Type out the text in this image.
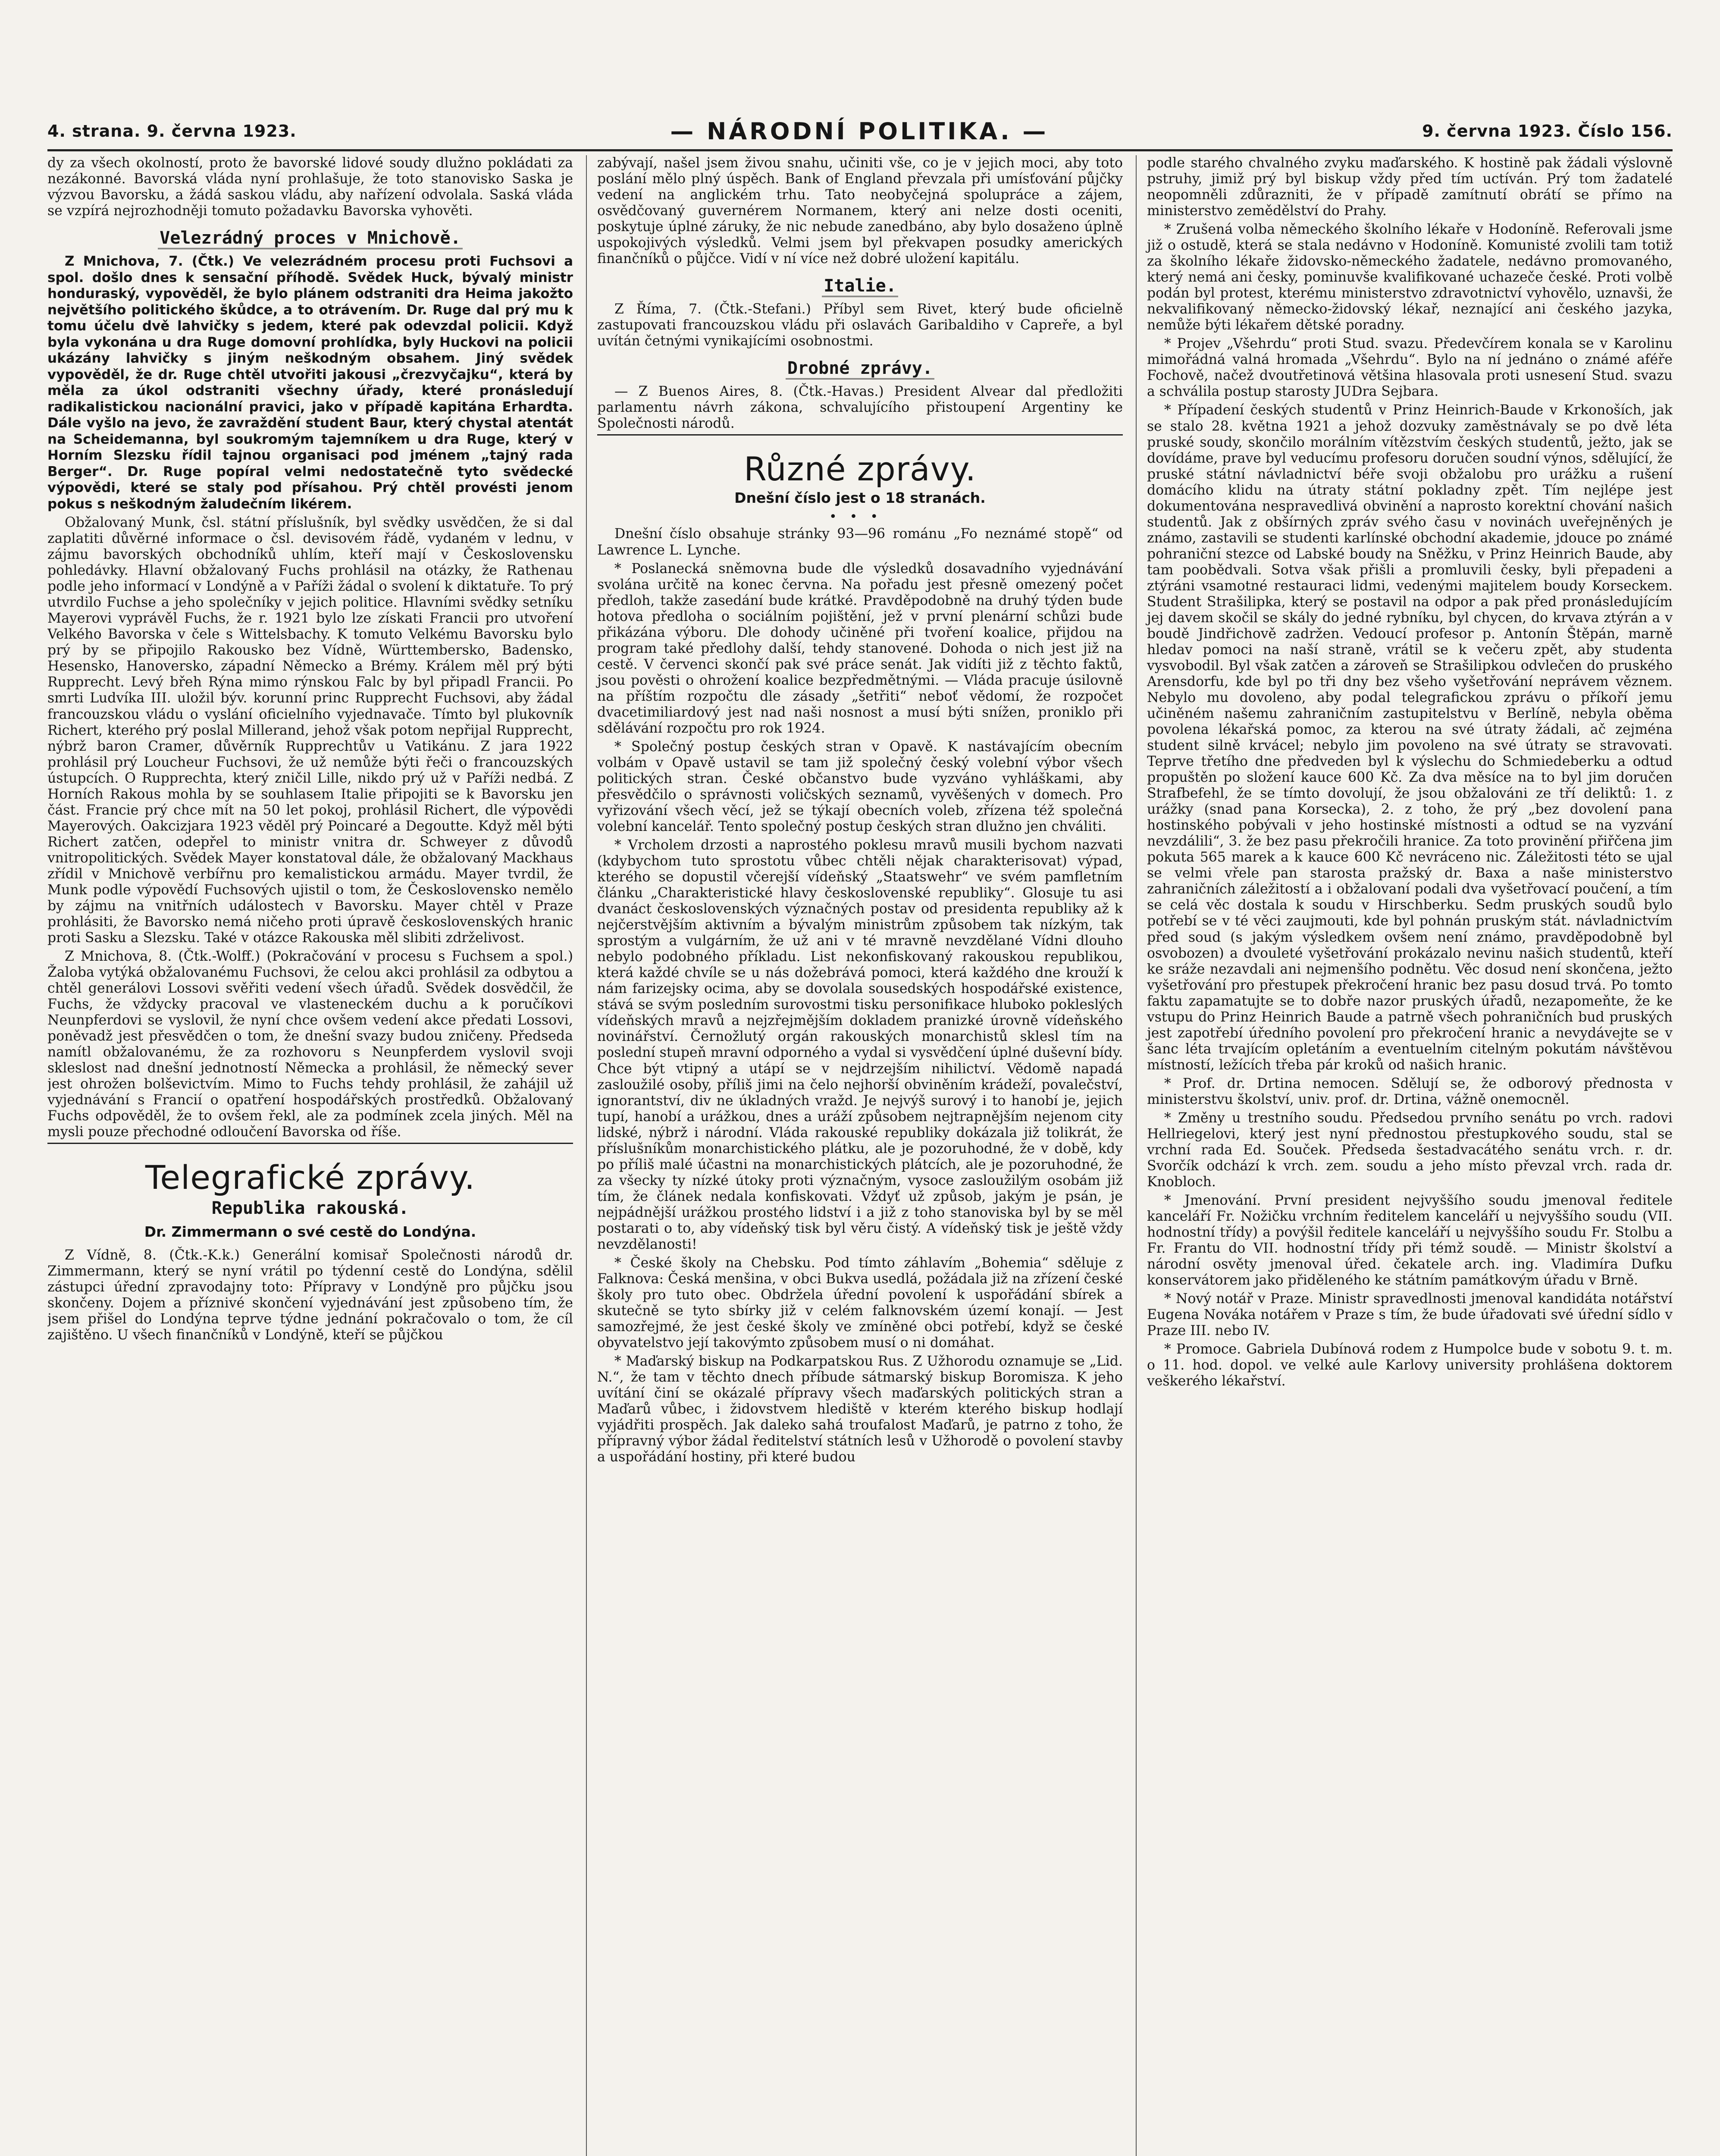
4. strana. 9. června 1923.	— NÁRODNÍ POLITIKA. —	9. června 1923. Číslo 156.

dy za všech okolností, proto že bavorské lidové soudy dlužno pokládati za nezákonné. Bavorská vláda nyní prohlašuje, že toto stanovisko Saska je výzvou Bavorsku, a žádá saskou vládu, aby nařízení odvolala. Saská vláda se vzpírá nejrozhodněji tomuto požadavku Bavorska vyhověti.

Velezrádný proces v Mnichově.

Z Mnichova, 7. (Čtk.) Ve velezrádném procesu proti Fuchsovi a spol. došlo dnes k sensační příhodě. Svědek Huck, bývalý ministr honduraský, vypověděl, že bylo plánem odstraniti dra Heima jakožto největšího politického škůdce, a to otrávením. Dr. Ruge dal prý mu k tomu účelu dvě lahvičky s jedem, které pak odevzdal policii. Když byla vykonána u dra Ruge domovní prohlídka, byly Huckovi na policii ukázány lahvičky s jiným neškodným obsahem. Jiný svědek vypověděl, že dr. Ruge chtěl utvořiti jakousi „črezvyčajku“, která by měla za úkol odstraniti všechny úřady, které pronásledují radikalistickou nacionální pravici, jako v případě kapitána Erhardta. Dále vyšlo na jevo, že zavraždění student Baur, který chystal atentát na Scheidemanna, byl soukromým tajemníkem u dra Ruge, který v Horním Slezsku řídil tajnou organisaci pod jménem „tajný rada Berger“. Dr. Ruge popíral velmi nedostatečně tyto svědecké výpovědi, které se staly pod přísahou. Prý chtěl provésti jenom pokus s neškodným žaludečním likérem.

Obžalovaný Munk, čsl. státní příslušník, byl svědky usvědčen, že si dal zaplatiti důvěrné informace o čsl. devisovém řádě, vydaném v lednu, v zájmu bavorských obchodníků uhlím, kteří mají v Československu pohledávky. Hlavní obžalovaný Fuchs prohlásil na otázky, že Rathenau podle jeho informací v Londýně a v Paříži žádal o svolení k diktatuře. To prý utvrdilo Fuchse a jeho společníky v jejich politice. Hlavními svědky setníku Mayerovi vyprávěl Fuchs, že r. 1921 bylo lze získati Francii pro utvoření Velkého Bavorska v čele s Wittelsbachy. K tomuto Velkému Bavorsku bylo prý by se připojilo Rakousko bez Vídně, Württembersko, Badensko, Hesensko, Hanoversko, západní Německo a Brémy. Králem měl prý býti Rupprecht. Levý břeh Rýna mimo rýnskou Falc by byl připadl Francii. Po smrti Ludvíka III. uložil býv. korunní princ Rupprecht Fuchsovi, aby žádal francouzskou vládu o vyslání oficielního vyjednavače. Tímto byl plukovník Richert, kterého prý poslal Millerand, jehož však potom nepřijal Rupprecht, nýbrž baron Cramer, důvěrník Rupprechtův u Vatikánu. Z jara 1922 prohlásil prý Loucheur Fuchsovi, že už nemůže býti řeči o francouzských ústupcích. O Rupprechta, který zničil Lille, nikdo prý už v Paříži nedbá. Z Horních Rakous mohla by se souhlasem Italie připojiti se k Bavorsku jen část. Francie prý chce mít na 50 let pokoj, prohlásil Richert, dle výpovědi Mayerových. Oakcizjara 1923 věděl prý Poincaré a Degoutte. Když měl býti Richert zatčen, odepřel to ministr vnitra dr. Schweyer z důvodů vnitropolitických. Svědek Mayer konstatoval dále, že obžalovaný Mackhaus zřídil v Mnichově verbířnu pro kemalistickou armádu. Mayer tvrdil, že Munk podle výpovědí Fuchsových ujistil o tom, že Československo nemělo by zájmu na vnitřních událostech v Bavorsku. Mayer chtěl v Praze prohlásiti, že Bavorsko nemá ničeho proti úpravě československých hranic proti Sasku a Slezsku. Také v otázce Rakouska měl slibiti zdrželivost.

Z Mnichova, 8. (Čtk.-Wolff.) (Pokračování v procesu s Fuchsem a spol.) Žaloba vytýká obžalovanému Fuchsovi, že celou akci prohlásil za odbytou a chtěl generálovi Lossovi svěřiti vedení všech úřadů. Svědek dosvědčil, že Fuchs, že vždycky pracoval ve vlasteneckém duchu a k poručíkovi Neunpferdovi se vyslovil, že nyní chce ovšem vedení akce předati Lossovi, poněvadž jest přesvědčen o tom, že dnešní svazy budou zničeny. Předseda namítl obžalovanému, že za rozhovoru s Neunpferdem vyslovil svoji skleslost nad dnešní jednotností Německa a prohlásil, že německý sever jest ohrožen bolševictvím. Mimo to Fuchs tehdy prohlásil, že zahájil už vyjednávání s Francií o opatření hospodářských prostředků. Obžalovaný Fuchs odpověděl, že to ovšem řekl, ale za podmínek zcela jiných. Měl na mysli pouze přechodné odloučení Bavorska od říše.

Telegrafické zprávy.
Republika rakouská.
Dr. Zimmermann o své cestě do Londýna.

Z Vídně, 8. (Čtk.-K.k.) Generální komisař Společnosti národů dr. Zimmermann, který se nyní vrátil po týdenní cestě do Londýna, sdělil zástupci úřední zpravodajny toto: Přípravy v Londýně pro půjčku jsou skončeny. Dojem a příznivé skončení vyjednávání jest způsobeno tím, že jsem přišel do Londýna teprve týdne jednání pokračovalo o tom, že cíl zajištěno. U všech finančníků v Londýně, kteří se půjčkou

zabývají, našel jsem živou snahu, učiniti vše, co je v jejich moci, aby toto poslání mělo plný úspěch. Bank of England převzala při umísťování půjčky vedení na anglickém trhu. Tato neobyčejná spolupráce a zájem, osvědčovaný guvernérem Normanem, který ani nelze dosti oceniti, poskytuje úplné záruky, že nic nebude zanedbáno, aby bylo dosaženo úplně uspokojivých výsledků. Velmi jsem byl překvapen posudky amerických finančníků o půjčce. Vidí v ní více než dobré uložení kapitálu.

Italie.

Z Říma, 7. (Čtk.-Stefani.) Příbyl sem Rivet, který bude oficielně zastupovati francouzskou vládu při oslavách Garibaldiho v Capreře, a byl uvítán četnými vynikajícími osobnostmi.

Drobné zprávy.

— Z Buenos Aires, 8. (Čtk.-Havas.) President Alvear dal předložiti parlamentu návrh zákona, schvalujícího přistoupení Argentiny ke Společnosti národů.

Různé zprávy.
Dnešní číslo jest o 18 stranách.
•••

Dnešní číslo obsahuje stránky 93—96 románu „Fo neznámé stopě“ od Lawrence L. Lynche.

* Poslanecká sněmovna bude dle výsledků dosavadního vyjednávání svolána určitě na konec června. Na pořadu jest přesně omezený počet předloh, takže zasedání bude krátké. Pravděpodobně na druhý týden bude hotova předloha o sociálním pojištění, jež v první plenární schůzi bude přikázána výboru. Dle dohody učiněné při tvoření koalice, přijdou na program také předlohy další, tehdy stanovené. Dohoda o nich jest již na cestě. V červenci skončí pak své práce senát. Jak vidíti již z těchto faktů, jsou pověsti o ohrožení koalice bezpředmětnými. — Vláda pracuje úsilovně na příštím rozpočtu dle zásady „šetřiti“ neboť vědomí, že rozpočet dvacetimiliardový jest nad naši nosnost a musí býti snížen, proniklo při sdělávání rozpočtu pro rok 1924.

* Společný postup českých stran v Opavě. K nastávajícím obecním volbám v Opavě ustavil se tam již společný český volební výbor všech politických stran. České občanstvo bude vyzváno vyhláškami, aby přesvědčilo o správnosti voličských seznamů, vyvěšených v domech. Pro vyřizování všech věcí, jež se týkají obecních voleb, zřízena též společná volební kancelář. Tento společný postup českých stran dlužno jen chváliti.

* Vrcholem drzosti a naprostého poklesu mravů musili bychom nazvati (kdybychom tuto sprostotu vůbec chtěli nějak charakterisovat) výpad, kterého se dopustil včerejší vídeňský „Staatswehr“ ve svém pamfletním článku „Charakteristické hlavy československé republiky“. Glosuje tu asi dvanáct československých význačných postav od presidenta republiky až k nejčerstvějším aktivním a bývalým ministrům způsobem tak nízkým, tak sprostým a vulgárním, že už ani v té mravně nevzdělané Vídni dlouho nebylo podobného příkladu. List nekonfiskovaný rakouskou republikou, která každé chvíle se u nás dožebrává pomoci, která každého dne krouží k nám farizejsky ocima, aby se dovolala sousedských hospodářské existence, stává se svým posledním surovostmi tisku personifikace hluboko pokleslých vídeňských mravů a nejzřejmějším dokladem pranizké úrovně vídeňského novinářství. Černožlutý orgán rakouských monarchistů sklesl tím na poslední stupeň mravní odporného a vydal si vysvědčení úplné duševní bídy. Chce být vtipný a utápí se v nejdrzejším nihilictví. Vědomě napadá zasloužilé osoby, příliš jimi na čelo nejhorší obviněním krádeží, povalečství, ignorantství, div ne úkladných vražd. Je nejvýš surový i to hanobí je, jejich tupí, hanobí a urážkou, dnes a uráží způsobem nejtrapnějším nejenom city lidské, nýbrž i národní. Vláda rakouské republiky dokázala již tolikrát, že příslušníkům monarchistického plátku, ale je pozoruhodné, že v době, kdy po příliš malé účastni na monarchistických plátcích, ale je pozoruhodné, že za všecky ty nízké útoky proti význačným, vysoce zasloužilým osobám již tím, že článek nedala konfiskovati. Vždyť už způsob, jakým je psán, je nejpádnější urážkou prostého lidství i a již z toho stanoviska byl by se měl postarati o to, aby vídeňský tisk byl věru čistý. A vídeňský tisk je ještě vždy nevzdělanosti!

* České školy na Chebsku. Pod tímto záhlavím „Bohemia“ sděluje z Falknova: Česká menšina, v obci Bukva usedlá, požádala již na zřízení české školy pro tuto obec. Obdržela úřední povolení k uspořádání sbírek a skutečně se tyto sbírky již v celém falknovském území konají. — Jest samozřejmé, že jest české školy ve zmíněné obci potřebí, když se české obyvatelstvo její takovýmto způsobem musí o ni domáhat.

* Maďarský biskup na Podkarpatskou Rus. Z Užhorodu oznamuje se „Lid. N.“, že tam v těchto dnech příbude sátmarský biskup Boromisza. K jeho uvítání činí se okázalé přípravy všech maďarských politických stran a Maďarů vůbec, i židovstvem hlediště v kterém kterého biskup hodlají vyjádřiti prospěch. Jak daleko sahá troufalost Maďarů, je patrno z toho, že přípravný výbor žádal ředitelství státních lesů v Užhorodě o povolení stavby a uspořádání hostiny, při které budou

podle starého chvalného zvyku maďarského. K hostině pak žádali výslovně pstruhy, jimiž prý byl biskup vždy před tím uctíván. Prý tom žadatelé neopomněli zdůrazniti, že v případě zamítnutí obrátí se přímo na ministerstvo zemědělství do Prahy.

* Zrušená volba německého školního lékaře v Hodoníně. Referovali jsme již o ostudě, která se stala nedávno v Hodoníně. Komunisté zvolili tam totiž za školního lékaře židovsko-německého žadatele, nedávno promovaného, který nemá ani česky, pominuvše kvalifikované uchazeče české. Proti volbě podán byl protest, kterému ministerstvo zdravotnictví vyhovělo, uznavši, že nekvalifikovaný německo-židovský lékař, neznající ani českého jazyka, nemůže býti lékařem dětské poradny.

* Projev „Všehrdu“ proti Stud. svazu. Předevčírem konala se v Karolinu mimořádná valná hromada „Všehrdu“. Bylo na ní jednáno o známé aféře Fochově, načež dvoutřetinová většina hlasovala proti usnesení Stud. svazu a schválila postup starosty JUDra Sejbara.

* Případení českých studentů v Prinz Heinrich-Baude v Krkonoších, jak se stalo 28. května 1921 a jehož dozvuky zaměstnávaly se po dvě léta pruské soudy, skončilo morálním vítězstvím českých studentů, ježto, jak se dovídáme, prave byl veducímu profesoru doručen soudní výnos, sdělující, že pruské státní návladnictví béře svoji obžalobu pro urážku a rušení domácího klidu na útraty státní pokladny zpět. Tím nejlépe jest dokumentována nespravedlivá obvinění a naprosto korektní chování našich studentů. Jak z obšírných zpráv svého času v novinách uveřejněných je známo, zastavili se studenti karlínské obchodní akademie, jdouce po známé pohraniční stezce od Labské boudy na Sněžku, v Prinz Heinrich Baude, aby tam poobědvali. Sotva však přišli a promluvili česky, byli přepadeni a ztýráni vsamotné restauraci lidmi, vedenými majitelem boudy Korseckem. Student Strašilipka, který se postavil na odpor a pak před pronásledujícím jej davem skočil se skály do jedné rybníku, byl chycen, do krvava ztýrán a v boudě Jindřichově zadržen. Vedoucí profesor p. Antonín Štěpán, marně hledav pomoci na naší straně, vrátil se k večeru zpět, aby studenta vysvobodil. Byl však zatčen a zároveň se Strašilipkou odvlečen do pruského Arensdorfu, kde byl po tři dny bez všeho vyšetřování neprávem věznem. Nebylo mu dovoleno, aby podal telegrafickou zprávu o příkoří jemu učiněném našemu zahraničním zastupitelstvu v Berlíně, nebyla oběma povolena lékařská pomoc, za kterou na své útraty žádali, ač zejména student silně krvácel; nebylo jim povoleno na své útraty se stravovati. Teprve třetího dne předveden byl k výslechu do Schmiedeberku a odtud propuštěn po složení kauce 600 Kč. Za dva měsíce na to byl jim doručen Strafbefehl, že se tímto dovolují, že jsou obžalováni ze tří deliktů: 1. z urážky (snad pana Korsecka), 2. z toho, že prý „bez dovolení pana hostinského pobývali v jeho hostinské místnosti a odtud se na vyzvání nevzdálili“, 3. že bez pasu překročili hranice. Za toto provinění přiřčena jim pokuta 565 marek a k kauce 600 Kč nevráceno nic. Záležitosti této se ujal se velmi vřele pan starosta pražský dr. Baxa a naše ministerstvo zahraničních záležitostí a i obžalovaní podali dva vyšetřovací poučení, a tím se celá věc dostala k soudu v Hirschberku. Sedm pruských soudů bylo potřebí se v té věci zaujmouti, kde byl pohnán pruským stát. návladnictvím před soud (s jakým výsledkem ovšem není známo, pravděpodobně byl osvobozen) a dvouleté vyšetřování prokázalo nevinu našich studentů, kteří ke sráže nezavdali ani nejmenšího podnětu. Věc dosud není skončena, ježto vyšetřování pro přestupek překročení hranic bez pasu dosud trvá. Po tomto faktu zapamatujte se to dobře nazor pruských úřadů, nezapomeňte, že ke vstupu do Prinz Heinrich Baude a patrně všech pohraničních bud pruských jest zapotřebí úředního povolení pro překročení hranic a nevydávejte se v šanc léta trvajícím opletáním a eventuelním citelným pokutám návštěvou místností, ležících třeba pár kroků od našich hranic.

* Prof. dr. Drtina nemocen. Sdělují se, že odborový přednosta v ministerstvu školství, univ. prof. dr. Drtina, vážně onemocněl.

* Změny u trestního soudu. Předsedou prvního senátu po vrch. radovi Hellriegelovi, který jest nyní přednostou přestupkového soudu, stal se vrchní rada Ed. Souček. Předseda šestadvacátého senátu vrch. r. dr. Svorčík odchází k vrch. zem. soudu a jeho místo převzal vrch. rada dr. Knobloch.

* Jmenování. První president nejvyššího soudu jmenoval ředitele kanceláří Fr. Nožičku vrchním ředitelem kanceláří u nejvyššího soudu (VII. hodnostní třídy) a povýšil ředitele kanceláří u nejvyššího soudu Fr. Stolbu a Fr. Frantu do VII. hodnostní třídy při témž soudě. — Ministr školství a národní osvěty jmenoval úřed. čekatele arch. ing. Vladimíra Dufku konservátorem jako přiděleného ke státním památkovým úřadu v Brně.

* Nový notář v Praze. Ministr spravedlnosti jmenoval kandidáta notářství Eugena Nováka notářem v Praze s tím, že bude úřadovati své úřední sídlo v Praze III. nebo IV.

* Promoce. Gabriela Dubínová rodem z Humpolce bude v sobotu 9. t. m. o 11. hod. dopol. ve velké aule Karlovy university prohlášena doktorem veškerého lékařství.
